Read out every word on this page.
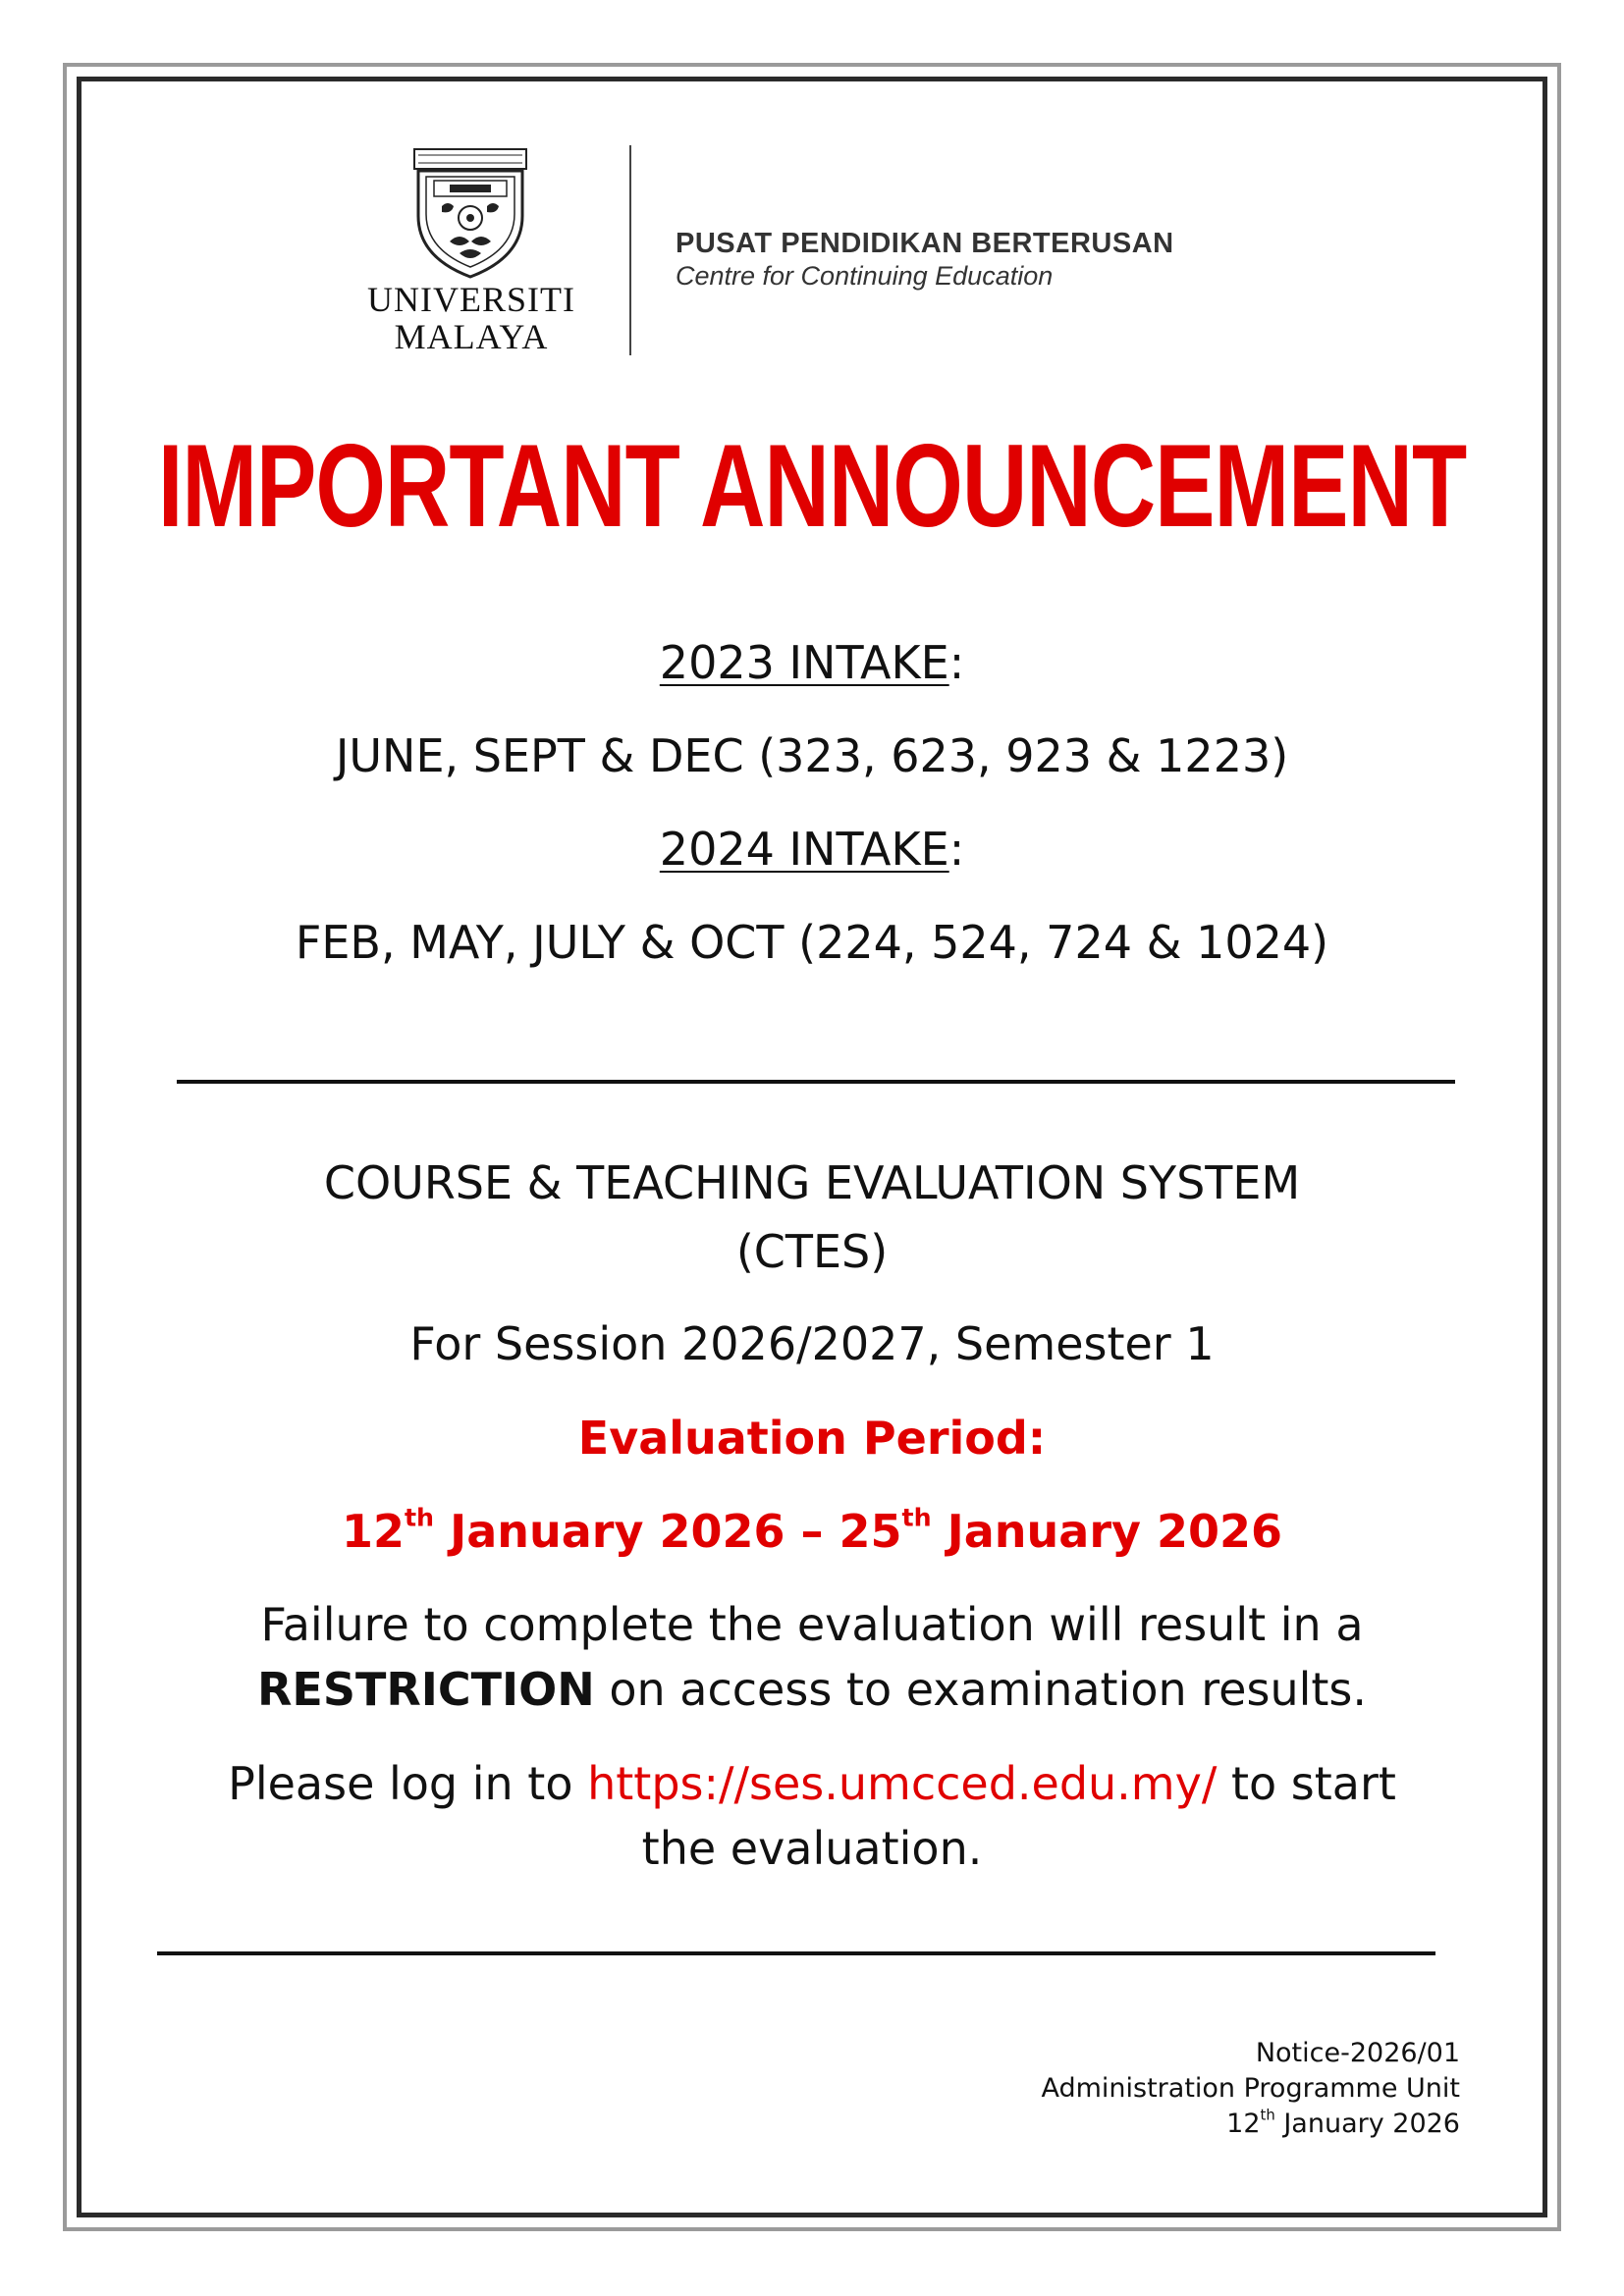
UNIVERSITI
MALAYA
PUSAT PENDIDIKAN BERTERUSAN
Centre for Continuing Education
IMPORTANT ANNOUNCEMENT
2023 INTAKE:
JUNE, SEPT & DEC (323, 623, 923 & 1223)
2024 INTAKE:
FEB, MAY, JULY & OCT (224, 524, 724 & 1024)
COURSE & TEACHING EVALUATION SYSTEM
(CTES)
For Session 2026/2027, Semester 1
Evaluation Period:
12th January 2026 – 25th January 2026
Failure to complete the evaluation will result in a
RESTRICTION on access to examination results.
Please log in to https://ses.umcced.edu.my/ to start
the evaluation.
Notice-2026/01
Administration Programme Unit
12th January 2026
